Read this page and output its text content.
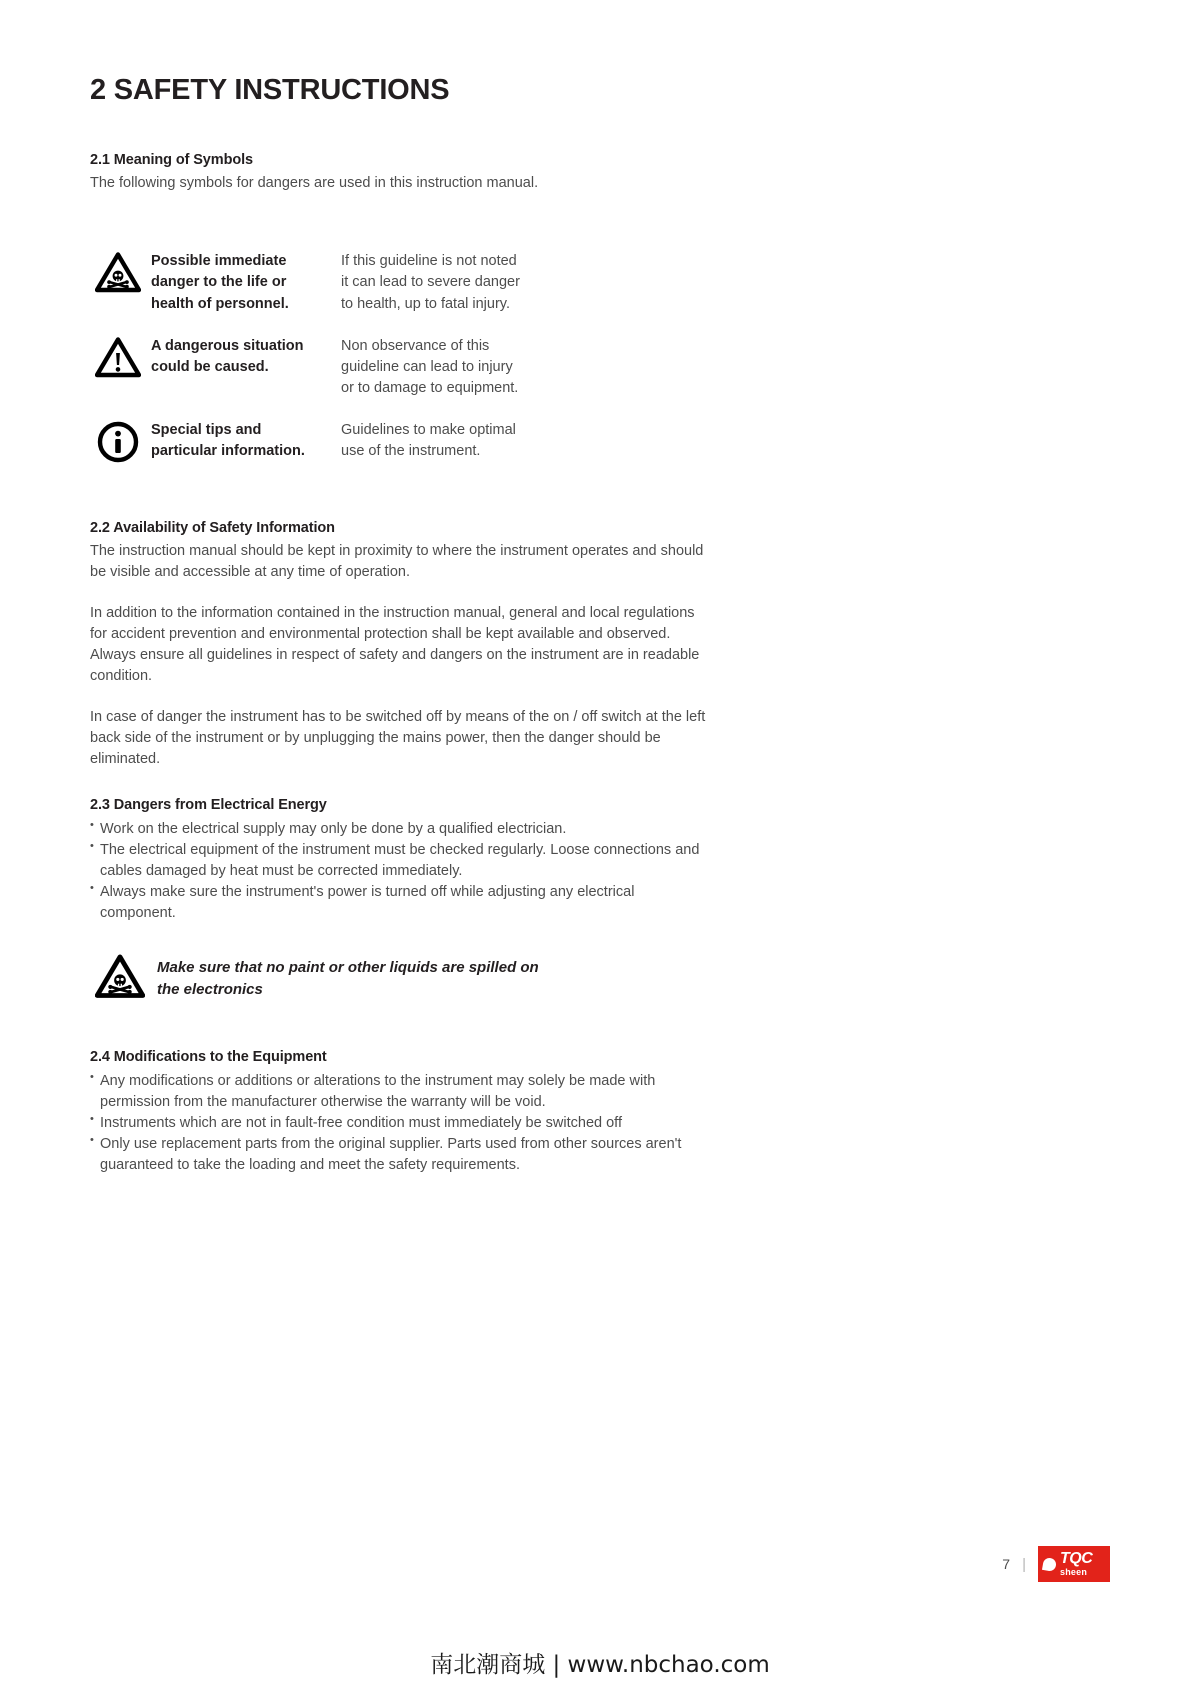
2 SAFETY INSTRUCTIONS
2.1 Meaning of Symbols

The following symbols for dangers are used in this instruction manual.

Possible immediate
danger to the life or
health of personnel.
If this guideline is not noted
it can lead to severe danger
to health, up to fatal injury.
A dangerous situation
could be caused.
Non observance of this
guideline can lead to injury
or to damage to equipment.
Special tips and
particular information.
Guidelines to make optimal
use of the instrument.
2.2 Availability of Safety Information

The instruction manual should be kept in proximity to where the instrument operates and should be visible and accessible at any time of operation.

In addition to the information contained in the instruction manual, general and local regulations for accident prevention and environmental protection shall be kept available and observed. Always ensure all guidelines in respect of safety and dangers on the instrument are in readable condition.

In case of danger the instrument has to be switched off by means of the on / off switch at the left back side of the instrument or by unplugging the mains power, then the danger should be eliminated.

2.3 Dangers from Electrical Energy
• Work on the electrical supply may only be done by a qualified electrician.
• The electrical equipment of the instrument must be checked regularly. Loose connections and cables damaged by heat must be corrected immediately.
• Always make sure the instrument's power is turned off while adjusting any electrical component.
Make sure that no paint or other liquids are spilled on the electronics
2.4 Modifications to the Equipment
• Any modifications or additions or alterations to the instrument may solely be made with permission from the manufacturer otherwise the warranty will be void.
• Instruments which are not in fault-free condition must immediately be switched off
• Only use replacement parts from the original supplier. Parts used from other sources aren't guaranteed to take the loading and meet the safety requirements.
7 | TQC
sheen
南北潮商城 | www.nbchao.com
